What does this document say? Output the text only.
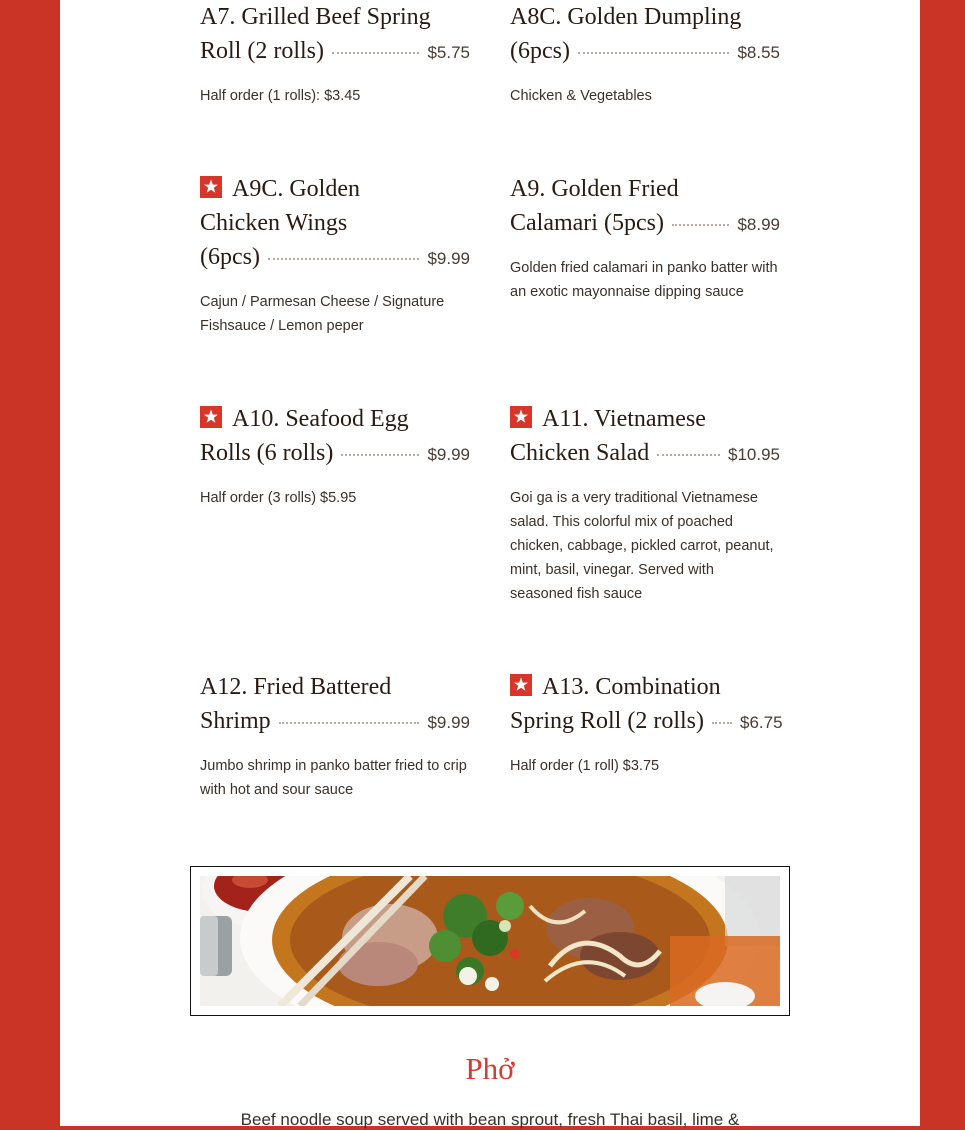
A7. Grilled Beef Spring
Roll (2 rolls)	$5.75
Half order (1 rolls): $3.45
A8C. Golden Dumpling
(6pcs)	$8.55
Chicken & Vegetables
A9C. Golden
Chicken Wings
(6pcs)	$9.99
Cajun / Parmesan Cheese / Signature Fishsauce / Lemon peper
A9. Golden Fried
Calamari (5pcs)	$8.99
Golden fried calamari in panko batter with an exotic mayonnaise dipping sauce
A10. Seafood Egg
Rolls (6 rolls)	$9.99
Half order (3 rolls) $5.95
A11. Vietnamese
Chicken Salad	$10.95
Goi ga is a very traditional Vietnamese salad. This colorful mix of poached chicken, cabbage, pickled carrot, peanut, mint, basil, vinegar. Served with seasoned fish sauce
A12. Fried Battered
Shrimp	$9.99
Jumbo shrimp in panko batter fried to crip with hot and sour sauce
A13. Combination
Spring Roll (2 rolls) $6.75
Half order (1 roll) $3.75
Phở
Beef noodle soup served with bean sprout, fresh Thai basil, lime &
